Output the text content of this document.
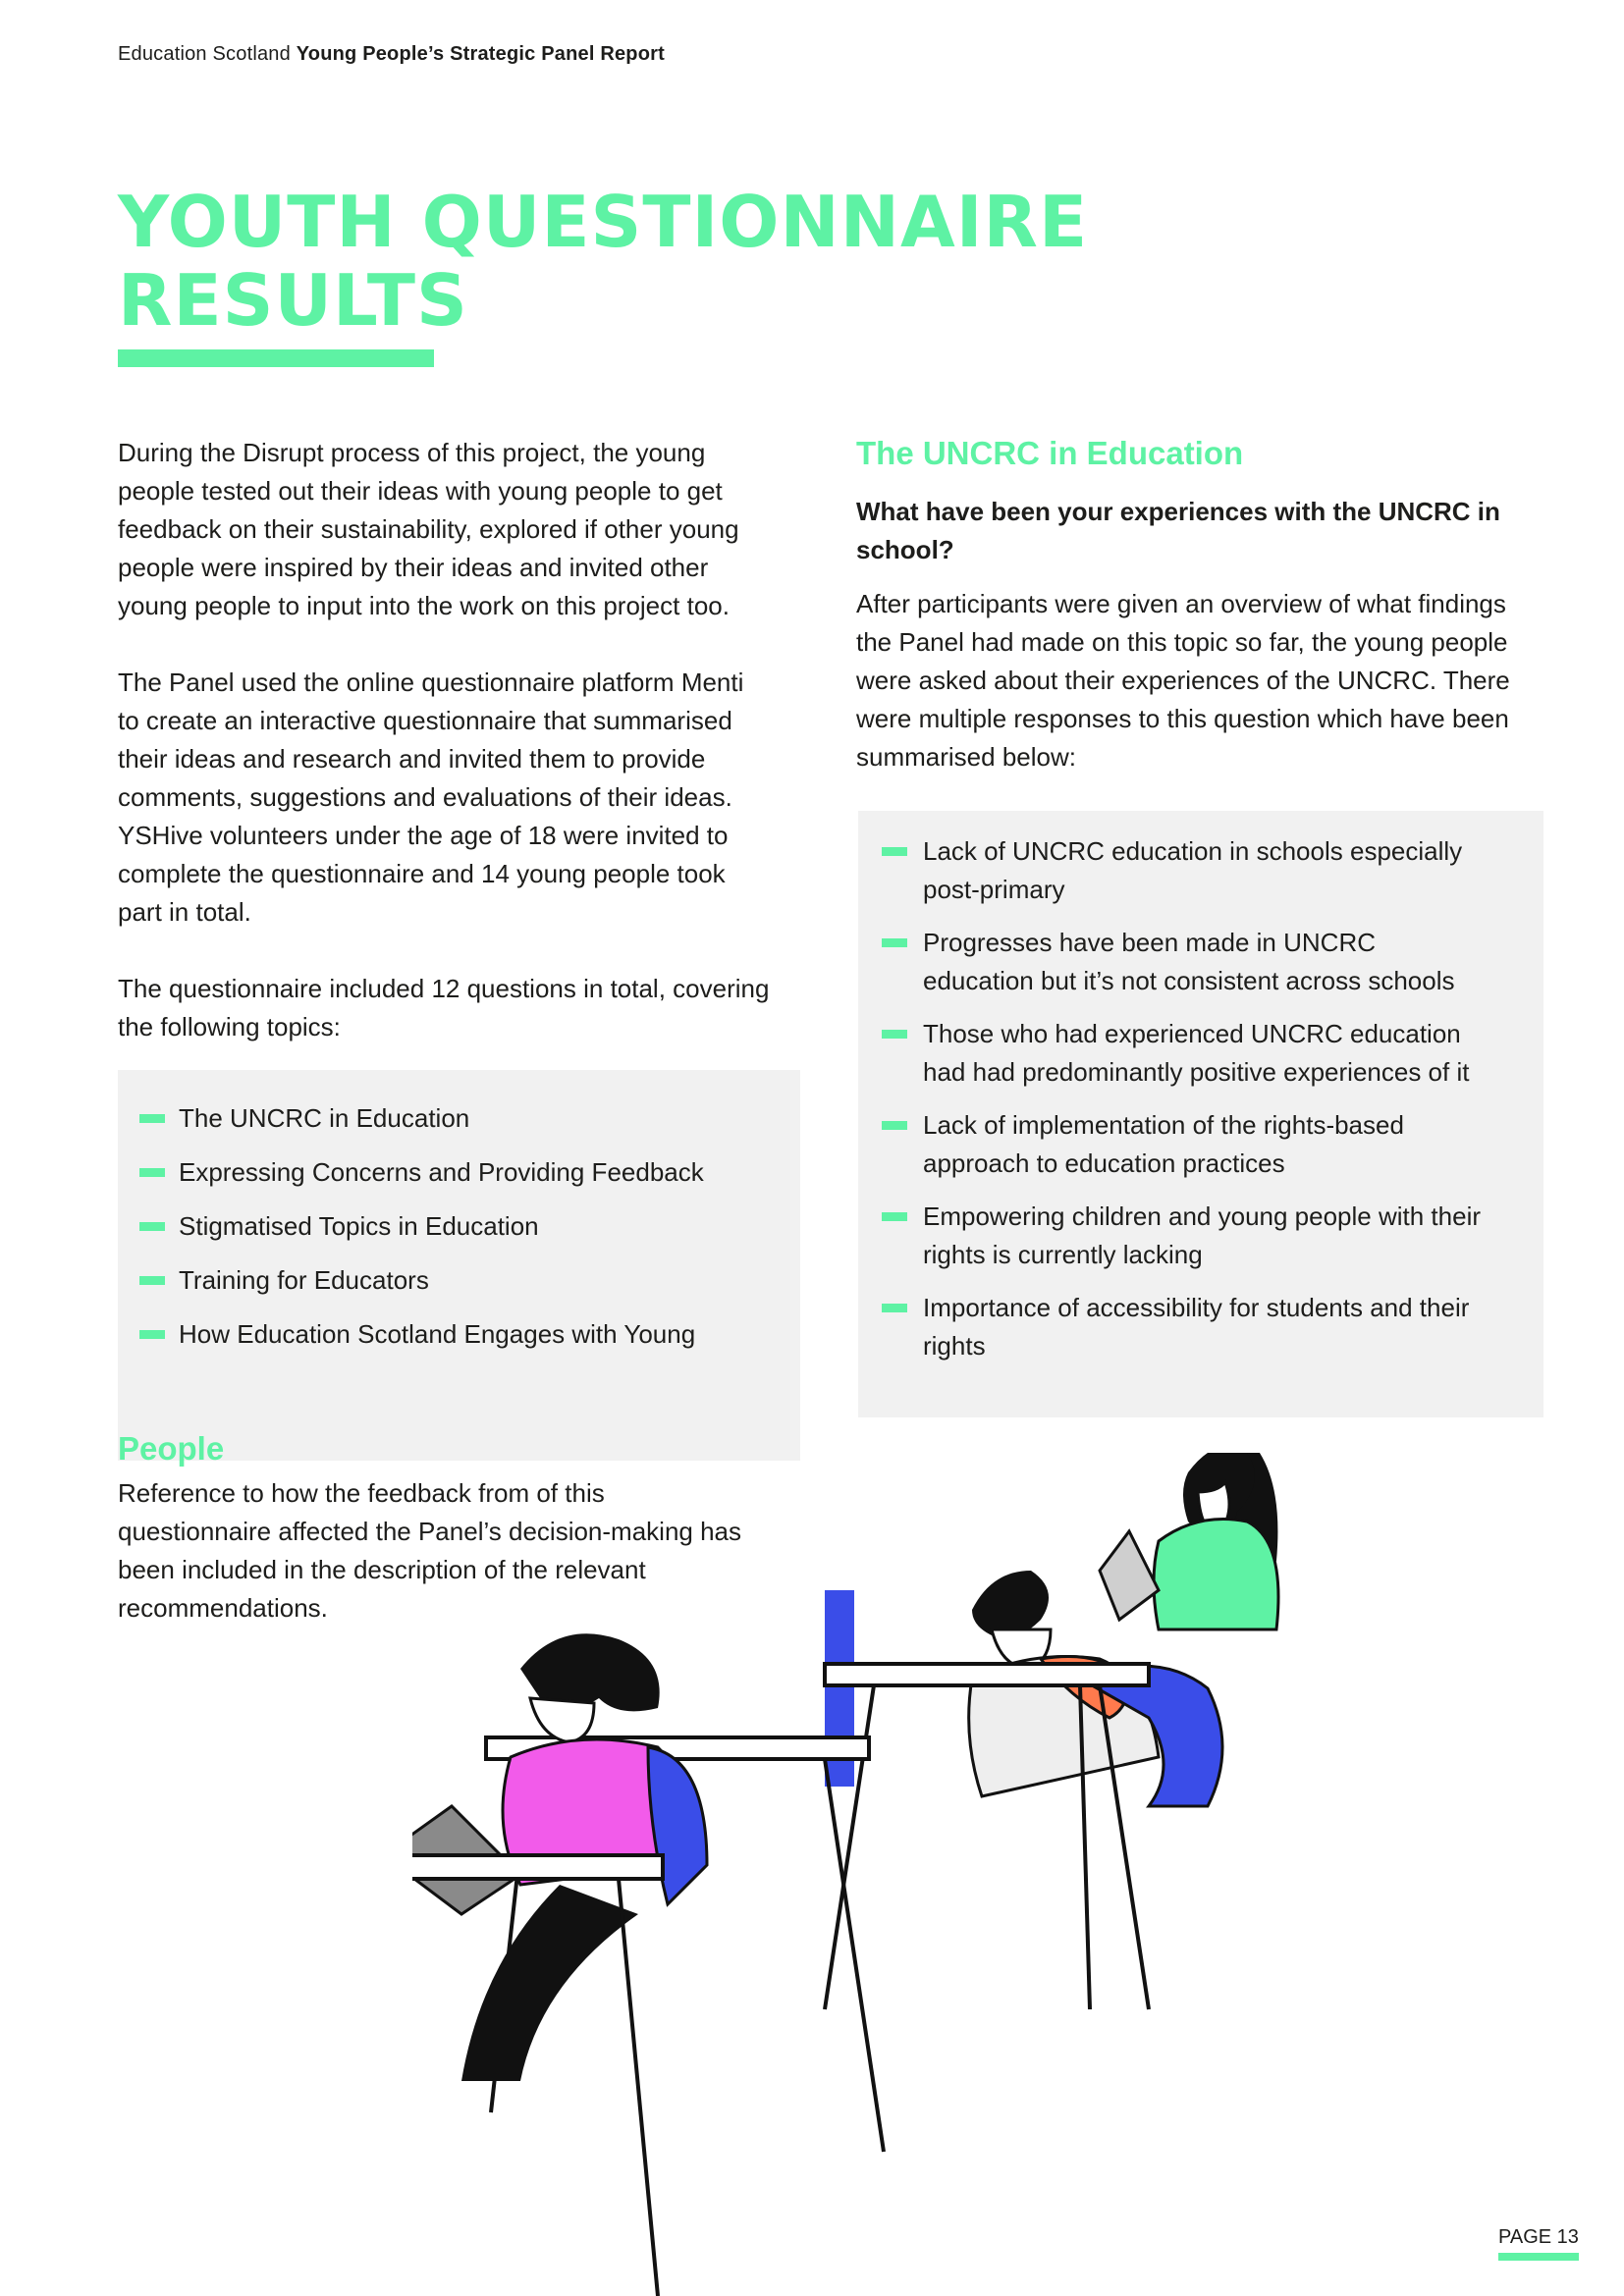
Education Scotland Young People’s Strategic Panel Report
YOUTH QUESTIONNAIRE
RESULTS

During the Disrupt process of this project, the young people tested out their ideas with young people to get feedback on their sustainability, explored if other young people were inspired by their ideas and invited other young people to input into the work on this project too.

The Panel used the online questionnaire platform Menti to create an interactive questionnaire that summarised their ideas and research and invited them to provide comments, suggestions and evaluations of their ideas. YSHive volunteers under the age of 18 were invited to complete the questionnaire and 14 young people took part in total.

The questionnaire included 12 questions in total, covering the following topics:

The UNCRC in Education
Expressing Concerns and Providing Feedback
Stigmatised Topics in Education
Training for Educators
How Education Scotland Engages with Young
People

Reference to how the feedback from of this questionnaire affected the Panel’s decision-making has been included in the description of the relevant recommendations.

The UNCRC in Education

What have been your experiences with the UNCRC in school?

After participants were given an overview of what findings the Panel had made on this topic so far, the young people were asked about their experiences of the UNCRC. There were multiple responses to this question which have been summarised below:

Lack of UNCRC education in schools especially post-primary
Progresses have been made in UNCRC education but it’s not consistent across schools
Those who had experienced UNCRC education had had predominantly positive experiences of it
Lack of implementation of the rights-based approach to education practices
Empowering children and young people with their rights is currently lacking
Importance of accessibility for students and their rights
PAGE 13
